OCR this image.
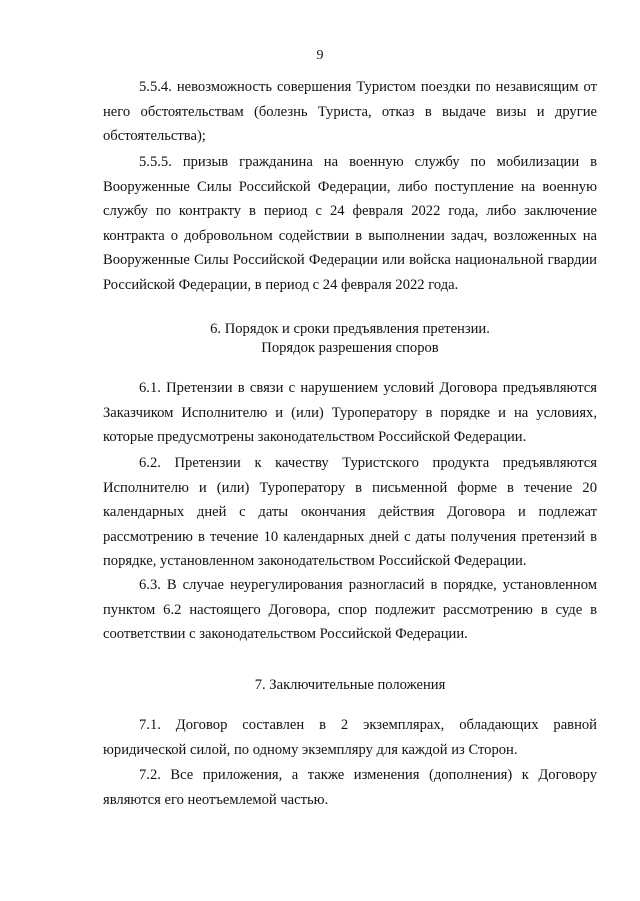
9

5.5.4. невозможность совершения Туристом поездки по независящим от него обстоятельствам (болезнь Туриста, отказ в выдаче визы и другие обстоятельства);

5.5.5. призыв гражданина на военную службу по мобилизации в Вооруженные Силы Российской Федерации, либо поступление на военную службу по контракту в период с 24 февраля 2022 года, либо заключение контракта о добровольном содействии в выполнении задач, возложенных на Вооруженные Силы Российской Федерации или войска национальной гвардии Российской Федерации, в период с 24 февраля 2022 года.

6. Порядок и сроки предъявления претензии.
Порядок разрешения споров

6.1. Претензии в связи с нарушением условий Договора предъявляются Заказчиком Исполнителю и (или) Туроператору в порядке и на условиях, которые предусмотрены законодательством Российской Федерации.

6.2. Претензии к качеству Туристского продукта предъявляются Исполнителю и (или) Туроператору в письменной форме в течение 20 календарных дней с даты окончания действия Договора и подлежат рассмотрению в течение 10 календарных дней с даты получения претензий в порядке, установленном законодательством Российской Федерации.

6.3. В случае неурегулирования разногласий в порядке, установленном пунктом 6.2 настоящего Договора, спор подлежит рассмотрению в суде в соответствии с законодательством Российской Федерации.

7. Заключительные положения

7.1. Договор составлен в 2 экземплярах, обладающих равной юридической силой, по одному экземпляру для каждой из Сторон.

7.2. Все приложения, а также изменения (дополнения) к Договору являются его неотъемлемой частью.
